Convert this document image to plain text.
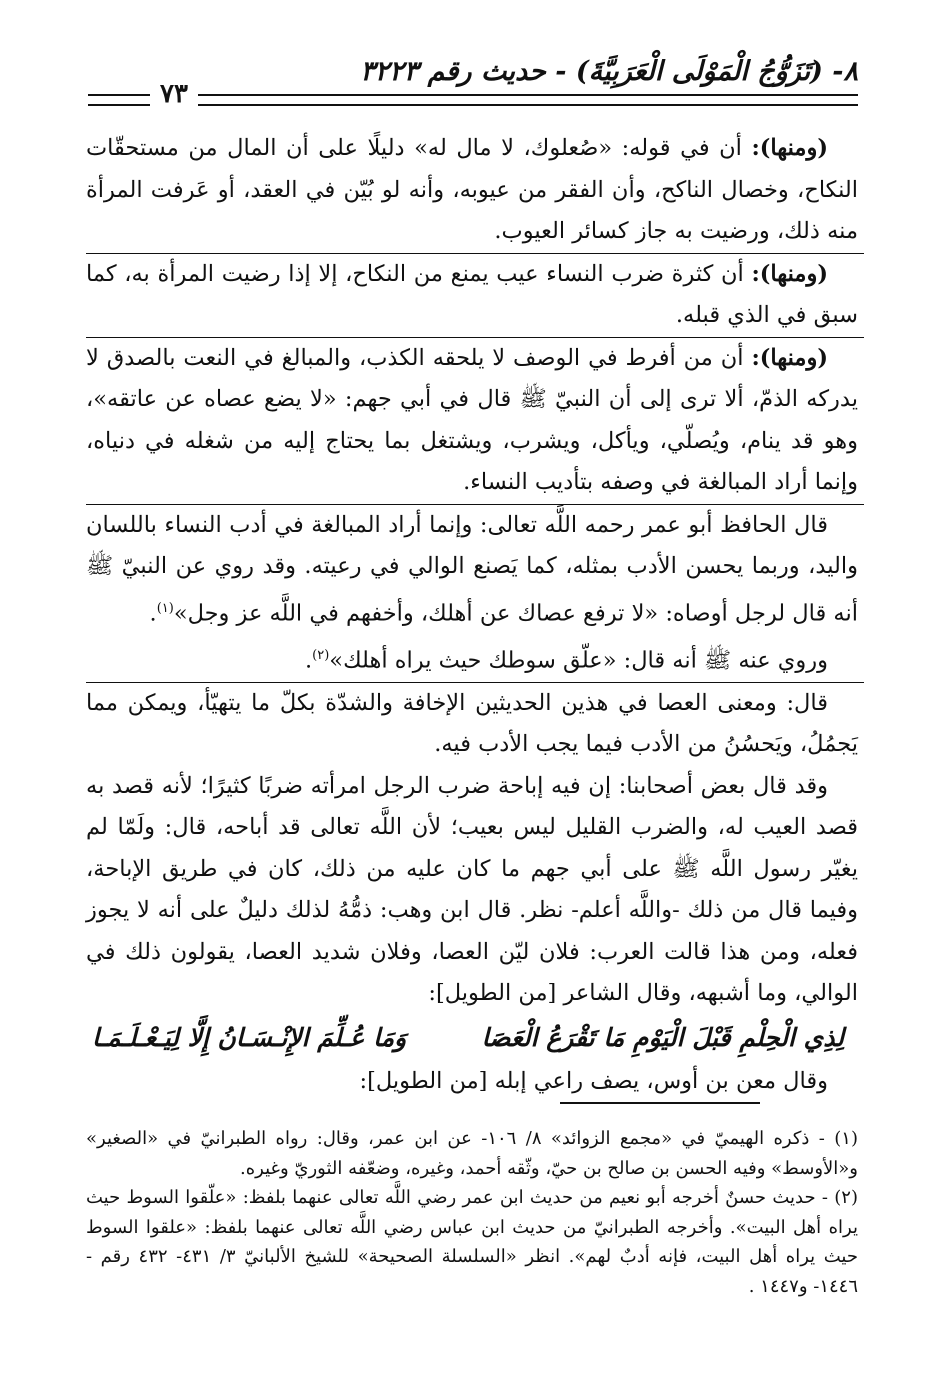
٨- (تَزَوُّجُ الْمَوْلَى الْعَرَبِيَّةَ) - حديث رقم ٣٢٢٣
٧٣

(ومنها): أن في قوله: «صُعلوك، لا مال له» دليلًا على أن المال من مستحقّات النكاح، وخصال الناكح، وأن الفقر من عيوبه، وأنه لو بُيّن في العقد، أو عَرفت المرأة منه ذلك، ورضيت به جاز كسائر العيوب.

(ومنها): أن كثرة ضرب النساء عيب يمنع من النكاح، إلا إذا رضيت المرأة به، كما سبق في الذي قبله.

(ومنها): أن من أفرط في الوصف لا يلحقه الكذب، والمبالغ في النعت بالصدق لا يدركه الذمّ، ألا ترى إلى أن النبيّ ﷺ قال في أبي جهم: «لا يضع عصاه عن عاتقه»، وهو قد ينام، ويُصلّي، ويأكل، ويشرب، ويشتغل بما يحتاج إليه من شغله في دنياه، وإنما أراد المبالغة في وصفه بتأديب النساء.

قال الحافظ أبو عمر رحمه اللَّه تعالى: وإنما أراد المبالغة في أدب النساء باللسان واليد، وربما يحسن الأدب بمثله، كما يَصنع الوالي في رعيته. وقد روي عن النبيّ ﷺ أنه قال لرجل أوصاه: «لا ترفع عصاك عن أهلك، وأخفهم في اللَّه عز وجل»$^{(١)}$.

وروي عنه ﷺ أنه قال: «علّق سوطك حيث يراه أهلك»$^{(٢)}$.

قال: ومعنى العصا في هذين الحديثين الإخافة والشدّة بكلّ ما يتهيّأ، ويمكن مما يَجمُلُ، ويَحسُنُ من الأدب فيما يجب الأدب فيه.

وقد قال بعض أصحابنا: إن فيه إباحة ضرب الرجل امرأته ضربًا كثيرًا؛ لأنه قصد به قصد العيب له، والضرب القليل ليس بعيب؛ لأن اللَّه تعالى قد أباحه، قال: ولَمّا لم يغيّر رسول اللَّه ﷺ على أبي جهم ما كان عليه من ذلك، كان في طريق الإباحة، وفيما قال من ذلك -واللَّه أعلم- نظر. قال ابن وهب: ذمُّهُ لذلك دليلٌ على أنه لا يجوز فعله، ومن هذا قالت العرب: فلان ليّن العصا، وفلان شديد العصا، يقولون ذلك في الوالي، وما أشبهه، وقال الشاعر [من الطويل]:

لِذِي الْحِلْمِ قَبْلَ الْيَوْمِ مَا تَقْرَعُ الْعَصَا
وَمَا عُـلِّمَ الإِنْـسَـانُ إِلَّا لِيَـعْـلَـمَـا

وقال معن بن أوس، يصف راعي إبله [من الطويل]:

(١) - ذكره الهيميّ في «مجمع الزوائد» ٨/ ١٠٦- عن ابن عمر، وقال: رواه الطبرانيّ في «الصغير» و«الأوسط» وفيه الحسن بن صالح بن حيّ، وثّقه أحمد، وغيره، وضعّفه الثوريّ وغيره.

(٢) - حديث حسنٌ أخرجه أبو نعيم من حديث ابن عمر رضي اللَّه تعالى عنهما بلفظ: «علّقوا السوط حيث يراه أهل البيت». وأخرجه الطبرانيّ من حديث ابن عباس رضي اللَّه تعالى عنهما بلفظ: «علقوا السوط حيث يراه أهل البيت، فإنه أدبٌ لهم». انظر «السلسلة الصحيحة» للشيخ الألبانيّ ٣/ ٤٣١- ٤٣٢ رقم - ١٤٤٦- و١٤٤٧ .
